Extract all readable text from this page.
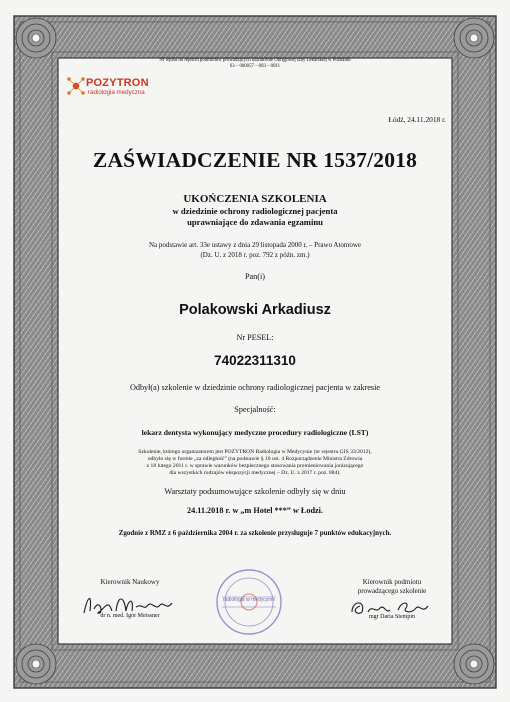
POZYTRON
radiologia medyczna
Nr wpisu do rejestru podmiotów prowadzących kształcenie Okręgowej Izby Lekarskiej w Poznaniu
63 – 000057 – 003 – 0011
Łódź, 24.11.2018 r.
ZAŚWIADCZENIE NR 1537/2018
UKOŃCZENIA SZKOLENIA
w dziedzinie ochrony radiologicznej pacjenta
uprawniające do zdawania egzaminu
Na podstawie art. 33e ustawy z dnia 29 listopada 2000 r. – Prawo Atomowe
(Dz. U. z 2018 r. poz. 792 z późn. zm.)
Pan(i)
Polakowski Arkadiusz
Nr PESEL:
74022311310
Odbył(a) szkolenie w dziedzinie ochrony radiologicznej pacjenta w zakresie
Specjalność:
lekarz dentysta wykonujący medyczne procedury radiologiczne (LST)
Szkolenie, którego organizatorem jest POZYTRON Radiologia w Medycynie (nr rejestru GIS 33/2012),
odbyło się w formie „za odległość” (na podstawie § 10 ust. 4 Rozporządzenie Ministra Zdrowia
z 18 lutego 2011 r. w sprawie warunków bezpiecznego stosowania promieniowania jonizującego
dla wszystkich rodzajów ekspozycji medycznej – Dz. U. z 2017 r. poz. 884).
Warsztaty podsumowujące szkolenie odbyły się w dniu
24.11.2018 r. w „m Hotel ***” w Łodzi.
Zgodnie z RMZ z 6 października 2004 r. za szkolenie przysługuje 7 punktów edukacyjnych.
Kierownik Naukowy
dr n. med. Igor Meissner
radiologia w medycynie
Kierownik podmiotu
prowadzącego szkolenie
mgr Daria Stempin
